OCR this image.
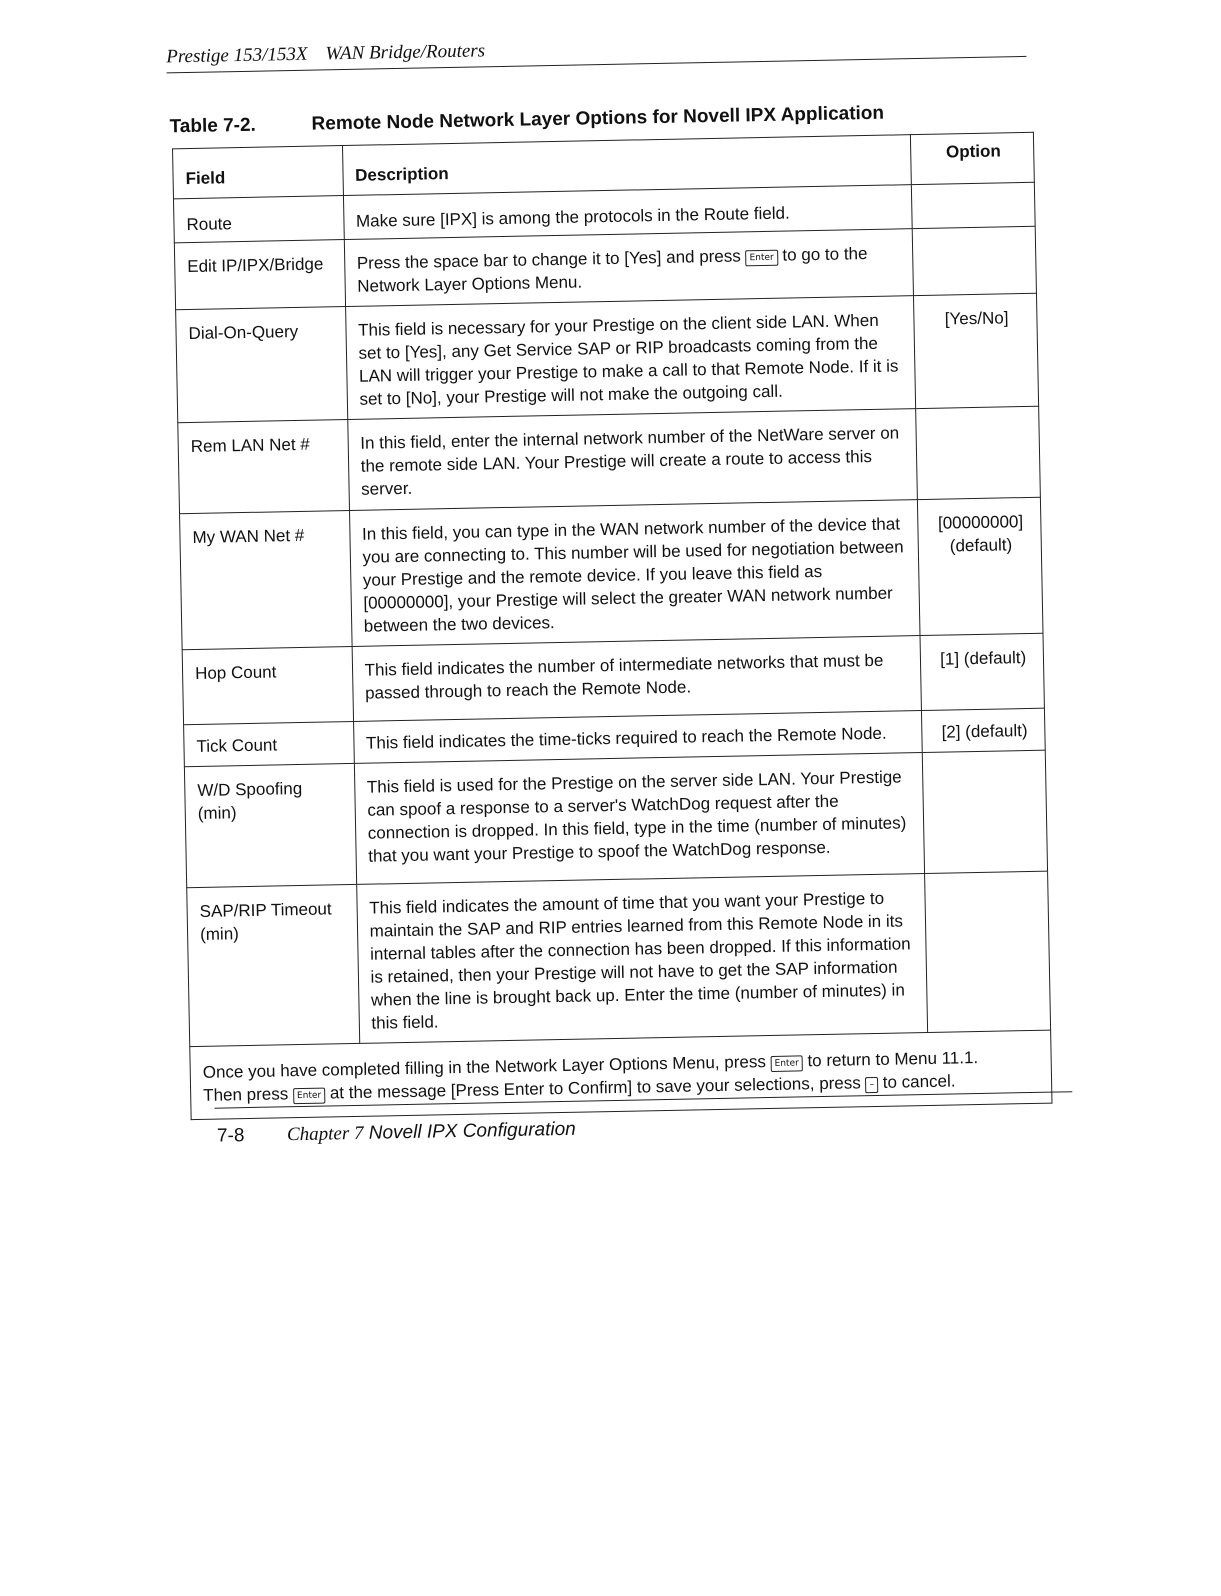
Prestige 153/153X WAN Bridge/Routers
Table 7-2.	Remote Node Network Layer Options for Novell IPX Application
Field	Description	Option
Route	Make sure [IPX] is among the protocols in the Route field.	
Edit IP/IPX/Bridge	Press the space bar to change it to [Yes] and press Enter to go to the Network Layer Options Menu.	
Dial-On-Query	This field is necessary for your Prestige on the client side LAN. When set to [Yes], any Get Service SAP or RIP broadcasts coming from the LAN will trigger your Prestige to make a call to that Remote Node. If it is set to [No], your Prestige will not make the outgoing call.	[Yes/No]
Rem LAN Net #	In this field, enter the internal network number of the NetWare server on the remote side LAN. Your Prestige will create a route to access this server.	
My WAN Net #	In this field, you can type in the WAN network number of the device that you are connecting to. This number will be used for negotiation between your Prestige and the remote device. If you leave this field as [00000000], your Prestige will select the greater WAN network number between the two devices.	[00000000] (default)
Hop Count	This field indicates the number of intermediate networks that must be passed through to reach the Remote Node.	[1] (default)
Tick Count	This field indicates the time-ticks required to reach the Remote Node.	[2] (default)
W/D Spoofing (min)	This field is used for the Prestige on the server side LAN. Your Prestige can spoof a response to a server's WatchDog request after the connection is dropped. In this field, type in the time (number of minutes) that you want your Prestige to spoof the WatchDog response.	
SAP/RIP Timeout (min)	This field indicates the amount of time that you want your Prestige to maintain the SAP and RIP entries learned from this Remote Node in its internal tables after the connection has been dropped. If this information is retained, then your Prestige will not have to get the SAP information when the line is brought back up. Enter the time (number of minutes) in this field.	
Once you have completed filling in the Network Layer Options Menu, press Enter to return to Menu 11.1.
Then press Enter at the message [Press Enter to Confirm] to save your selections, press – to cancel.		
7-8 Chapter 7 Novell IPX Configuration
